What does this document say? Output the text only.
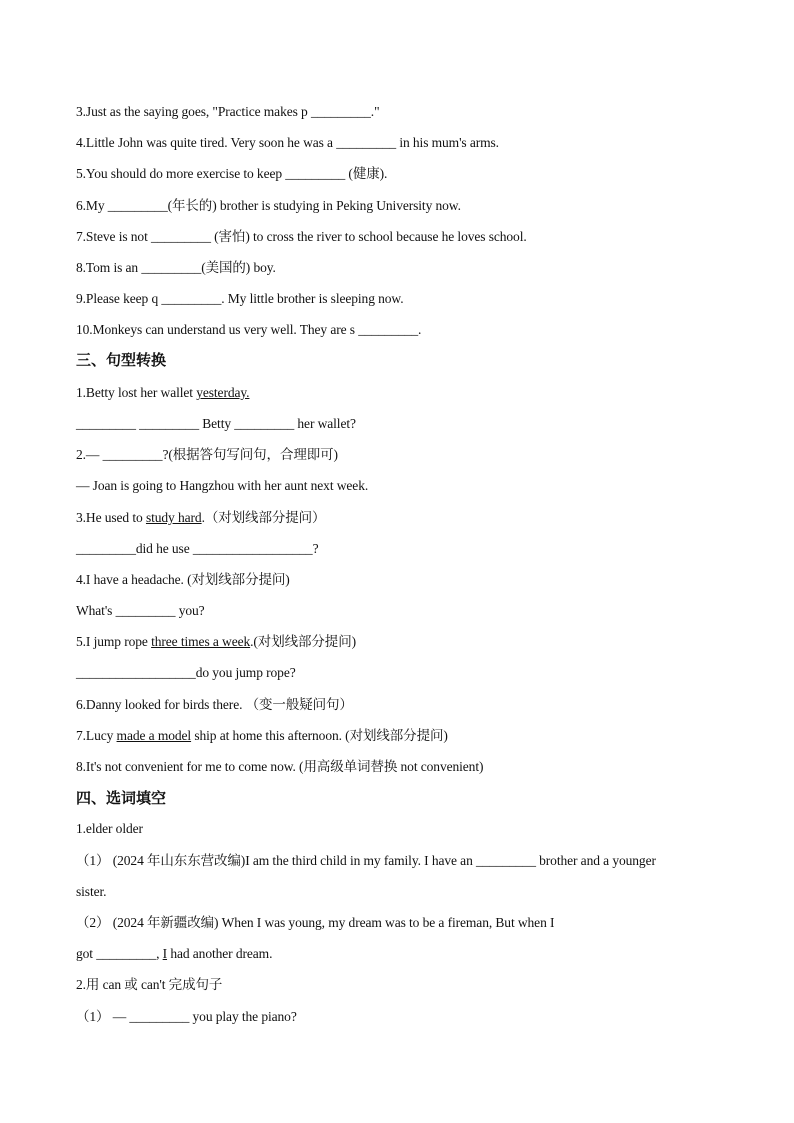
3.Just as the saying goes, "Practice makes p _________."
4.Little John was quite tired. Very soon he was a _________ in his mum's arms.
5.You should do more exercise to keep _________ (健康).
6.My _________(年长的) brother is studying in Peking University now.
7.Steve is not _________ (害怕) to cross the river to school because he loves school.
8.Tom is an _________(美国的) boy.
9.Please keep q _________. My little brother is sleeping now.
10.Monkeys can understand us very well. They are s _________.
三、句型转换
1.Betty lost her wallet yesterday.
_________ _________ Betty _________ her wallet?
2.— _________?(根据答句写问句，合理即可)
— Joan is going to Hangzhou with her aunt next week.
3.He used to study hard.（对划线部分提问）
_________did he use __________________?
4.I have a headache. (对划线部分提问)
What's _________ you?
5.I jump rope three times a week.(对划线部分提问)
__________________do you jump rope?
6.Danny looked for birds there. （变一般疑问句）
7.Lucy made a model ship at home this afternoon. (对划线部分提问)
8.It's not convenient for me to come now. (用高级单词替换 not convenient)
四、选词填空
1.elder older
（1） (2024 年山东东营改编)I am the third child in my family. I have an _________ brother and a younger
sister.
（2） (2024 年新疆改编) When I was young, my dream was to be a fireman, But when I
got _________, I had another dream.
2.用 can 或 can't 完成句子
（1） — _________ you play the piano?
